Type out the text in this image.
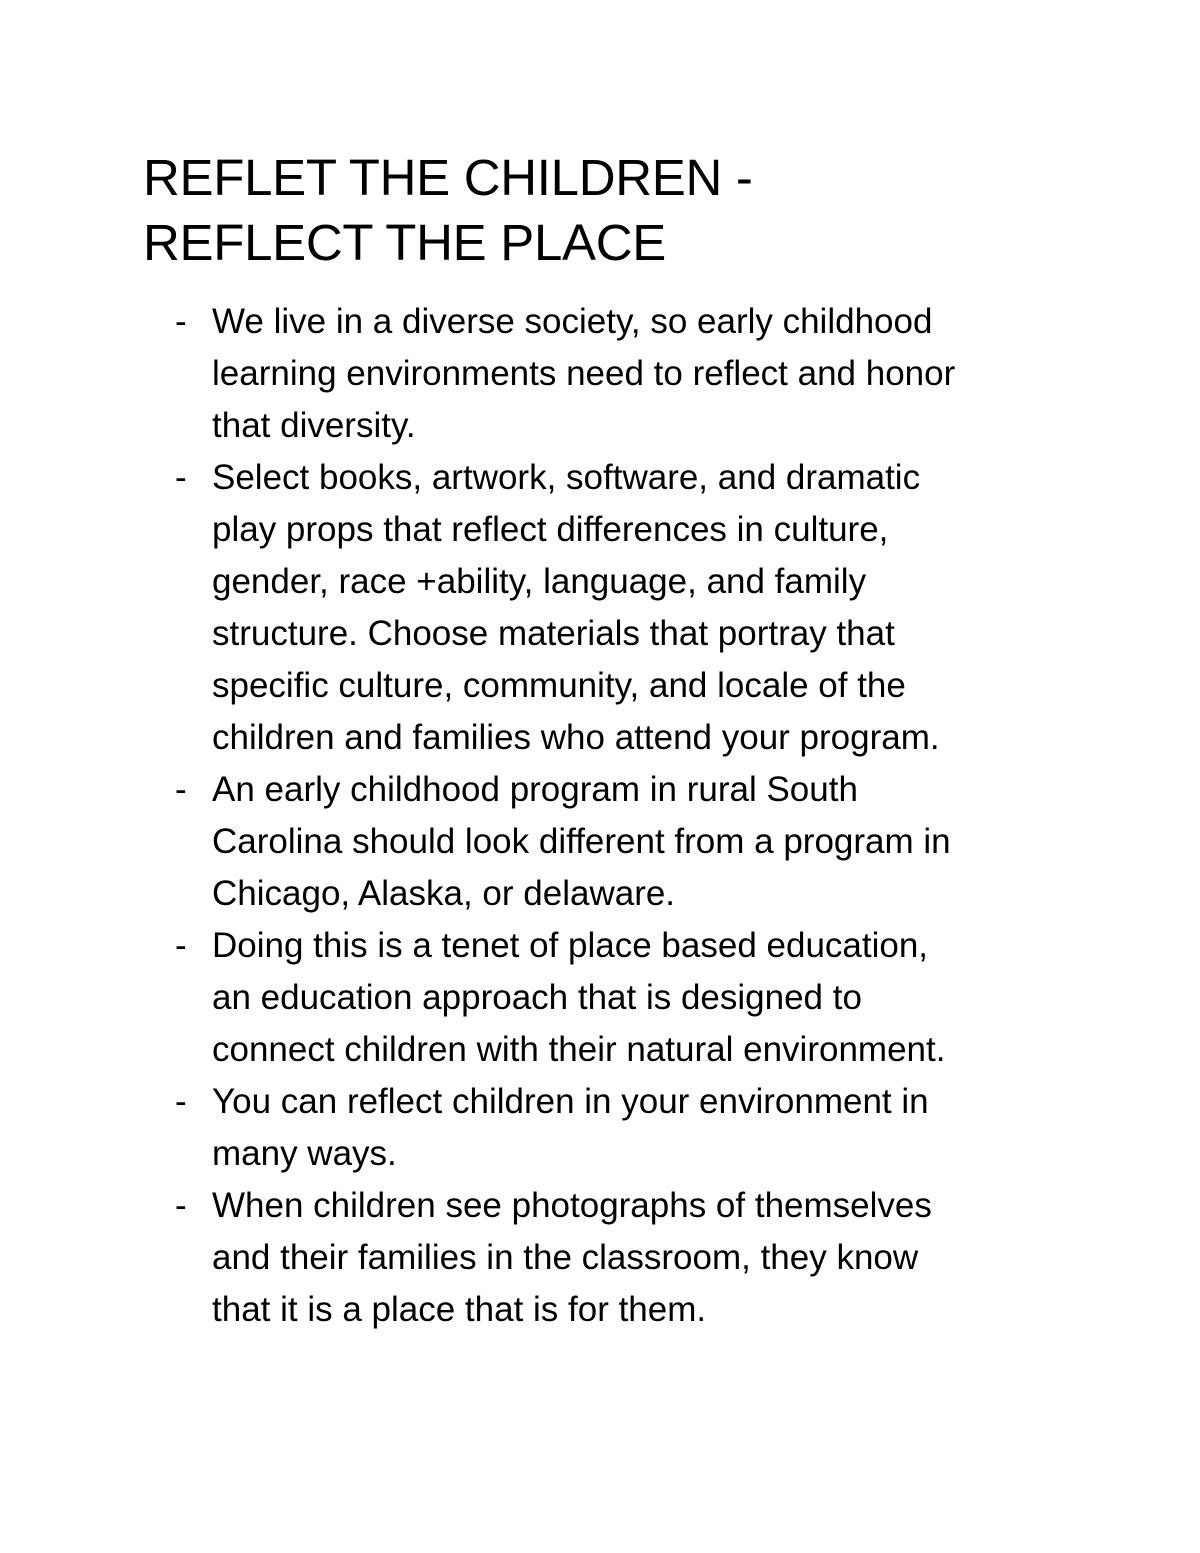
REFLET THE CHILDREN -
REFLECT THE PLACE
- We live in a diverse society, so early childhood
learning environments need to reflect and honor
that diversity.
- Select books, artwork, software, and dramatic
play props that reflect differences in culture,
gender, race +ability, language, and family
structure. Choose materials that portray that
specific culture, community, and locale of the
children and families who attend your program.
- An early childhood program in rural South
Carolina should look different from a program in
Chicago, Alaska, or delaware.
- Doing this is a tenet of place based education,
an education approach that is designed to
connect children with their natural environment.
- You can reflect children in your environment in
many ways.
- When children see photographs of themselves
and their families in the classroom, they know
that it is a place that is for them.
